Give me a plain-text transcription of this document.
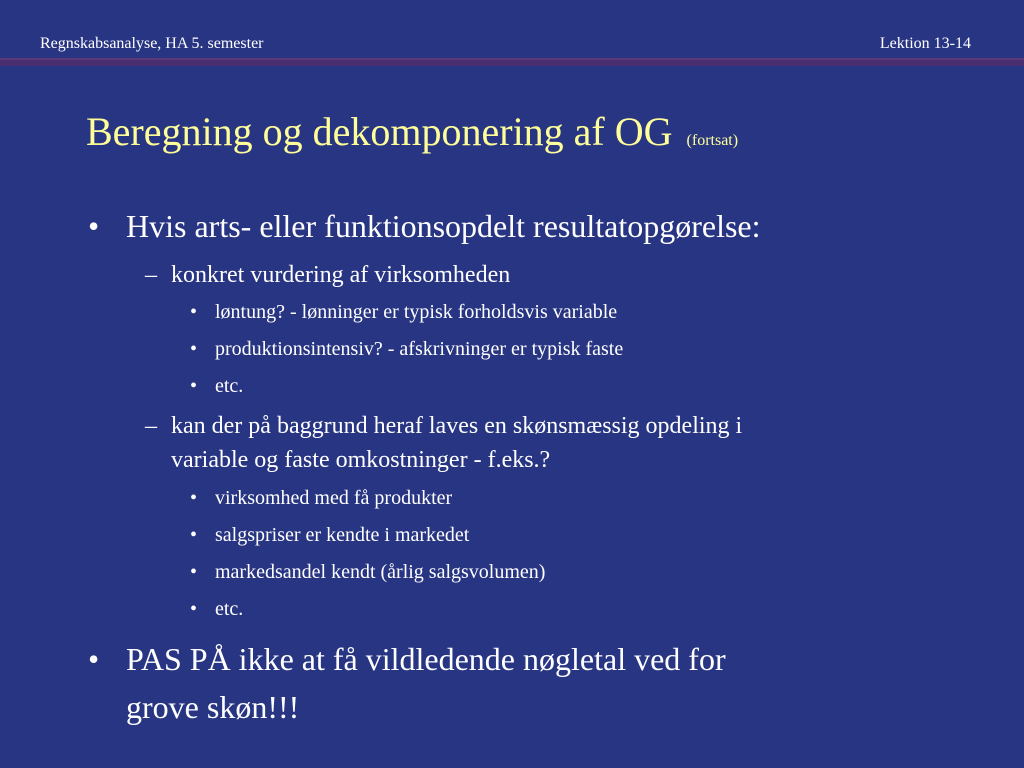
Regnskabsanalyse, HA 5. semester	Lektion 13-14
Beregning og dekomponering af OG (fortsat)
• Hvis arts- eller funktionsopdelt resultatopgørelse:
– konkret vurdering af virksomheden
• løntung? - lønninger er typisk forholdsvis variable
• produktionsintensiv? - afskrivninger er typisk faste
• etc.
– kan der på baggrund heraf laves en skønsmæssig opdeling i
variable og faste omkostninger - f.eks.?
• virksomhed med få produkter
• salgspriser er kendte i markedet
• markedsandel kendt (årlig salgsvolumen)
• etc.
• PAS PÅ ikke at få vildledende nøgletal ved for
grove skøn!!!
